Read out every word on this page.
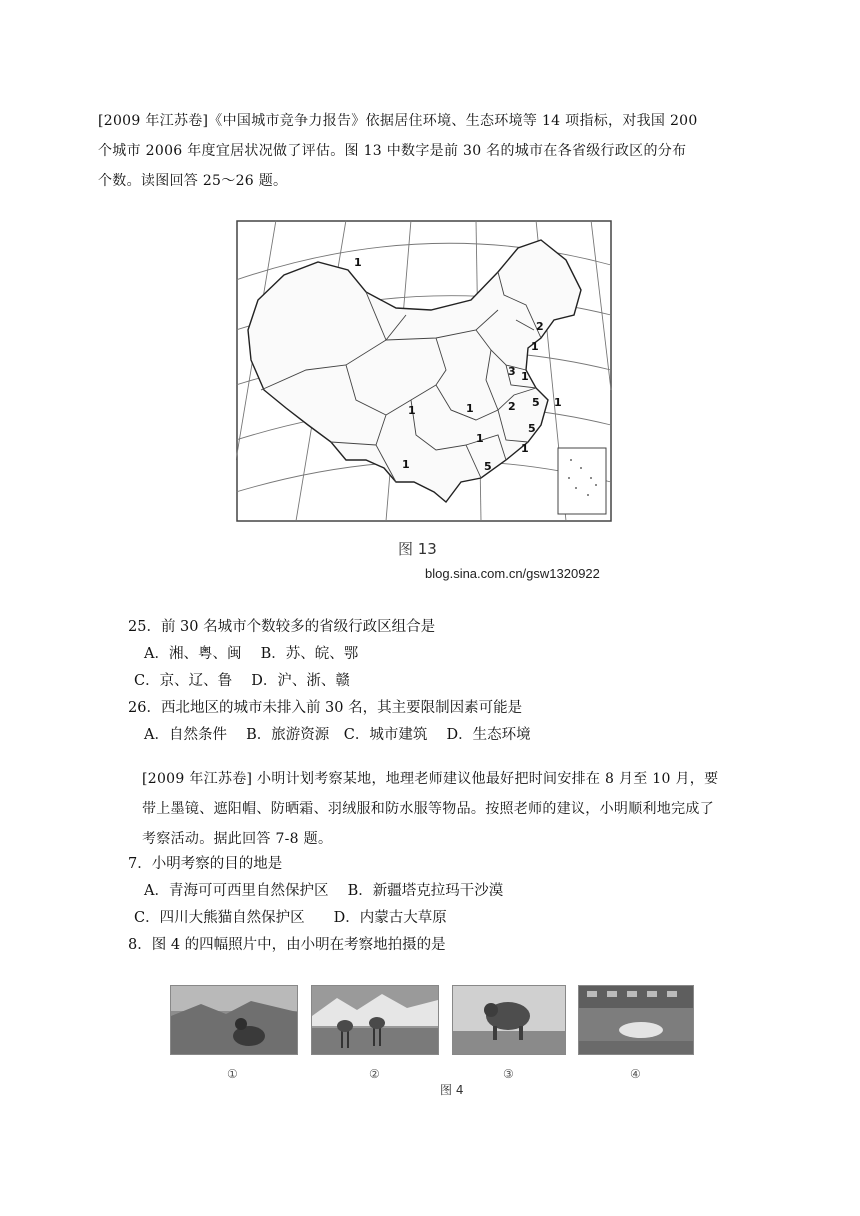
[2009 年江苏卷]《中国城市竞争力报告》依据居住环境、生态环境等 14 项指标，对我国 200
个城市 2006 年度宜居状况做了评估。图 13 中数字是前 30 名的城市在各省级行政区的分布
个数。读图回答 25～26 题。
1
2
1
3 1
2 5 1
1
5
1
1
1
5
1
图 13
blog.sina.com.cn/gsw1320922
25．前 30 名城市个数较多的省级行政区组合是
A．湘、粤、闽　 B．苏、皖、鄂
C．京、辽、鲁　 D．沪、浙、赣
26．西北地区的城市未排入前 30 名，其主要限制因素可能是
A．自然条件　 B．旅游资源　C．城市建筑　 D．生态环境
[2009 年江苏卷] 小明计划考察某地，地理老师建议他最好把时间安排在 8 月至 10 月，要
带上墨镜、遮阳帽、防晒霜、羽绒服和防水服等物品。按照老师的建议，小明顺利地完成了
考察活动。据此回答 7-8 题。
7．小明考察的目的地是
A．青海可可西里自然保护区　 B．新疆塔克拉玛干沙漠
C．四川大熊猫自然保护区　　D．内蒙古大草原
8．图 4 的四幅照片中，由小明在考察地拍摄的是
①	②	③	④
图 4
